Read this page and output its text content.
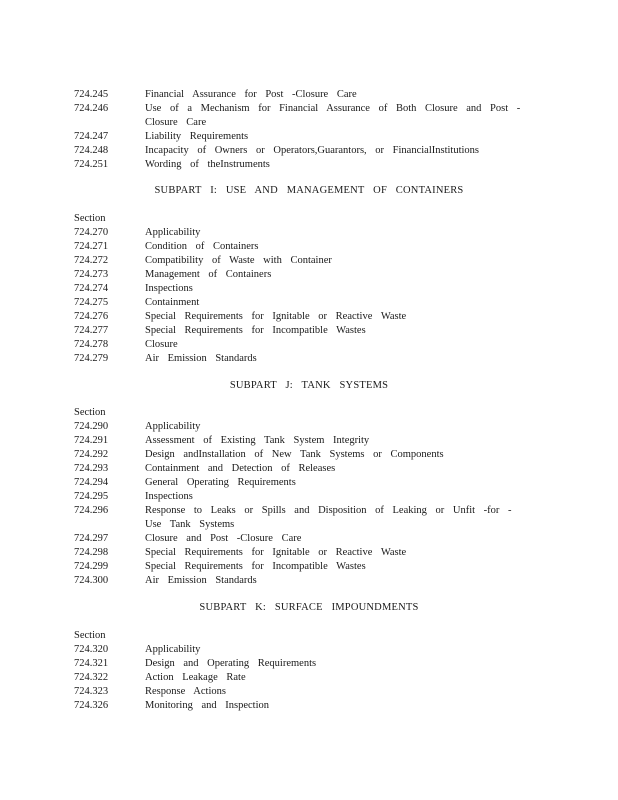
724.245	Financial Assurance for Post -Closure Care
724.246	Use of a Mechanism for Financial Assurance of Both Closure and Post -Closure Care
724.247	Liability Requirements
724.248	Incapacity of Owners or Operators,Guarantors, or FinancialInstitutions
724.251	Wording of theInstruments
SUBPART I: USE AND MANAGEMENT OF CONTAINERS
Section
724.270	Applicability
724.271	Condition of Containers
724.272	Compatibility of Waste with Container
724.273	Management of Containers
724.274	Inspections
724.275	Containment
724.276	Special Requirements for Ignitable or Reactive Waste
724.277	Special Requirements for Incompatible Wastes
724.278	Closure
724.279	Air Emission Standards
SUBPART J: TANK SYSTEMS
Section
724.290	Applicability
724.291	Assessment of Existing Tank System Integrity
724.292	Design andInstallation of New Tank Systems or Components
724.293	Containment and Detection of Releases
724.294	General Operating Requirements
724.295	Inspections
724.296	Response to Leaks or Spills and Disposition of Leaking or Unfit -for -Use Tank Systems
724.297	Closure and Post -Closure Care
724.298	Special Requirements for Ignitable or Reactive Waste
724.299	Special Requirements for Incompatible Wastes
724.300	Air Emission Standards
SUBPART K: SURFACE IMPOUNDMENTS
Section
724.320	Applicability
724.321	Design and Operating Requirements
724.322	Action Leakage Rate
724.323	Response Actions
724.326	Monitoring and Inspection
